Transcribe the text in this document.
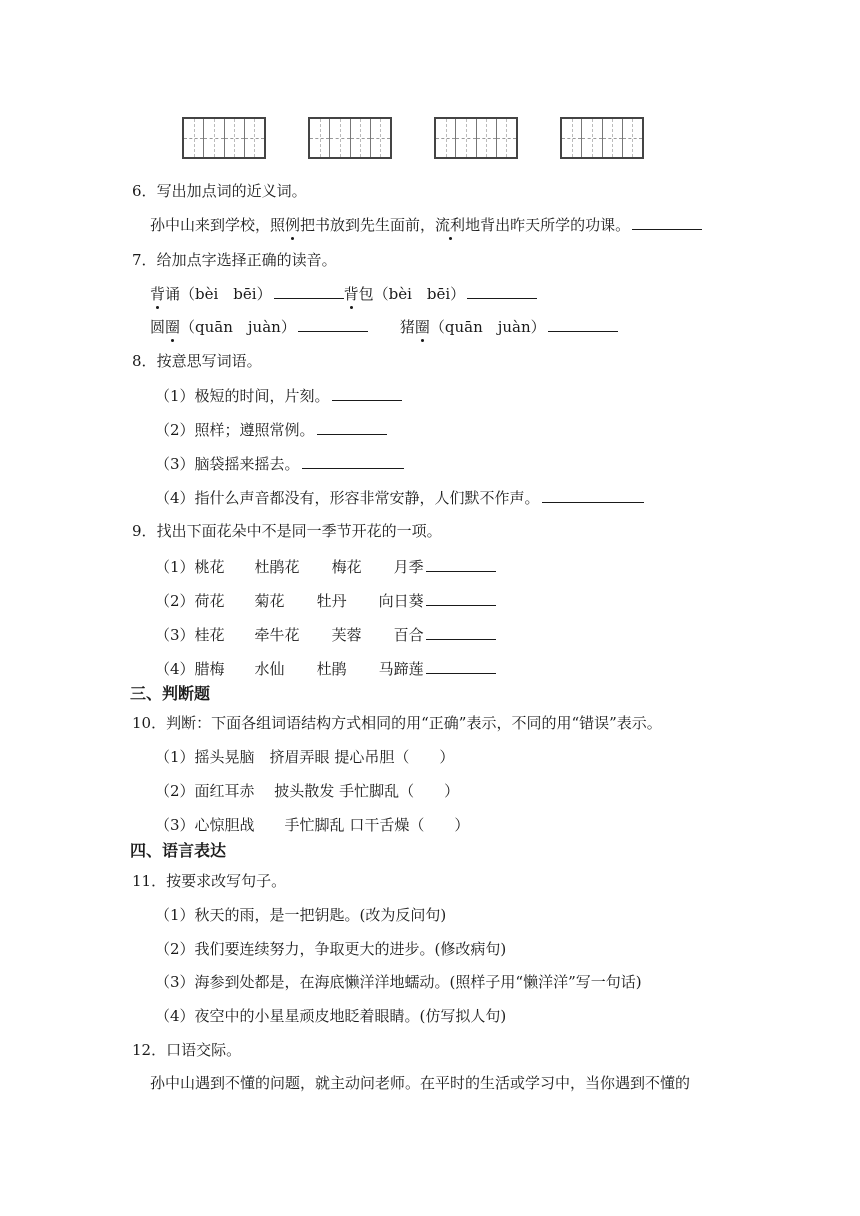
6．写出加点词的近义词。
孙中山来到学校，照例把书放到先生面前，流利地背出昨天所学的功课。
7．给加点字选择正确的读音。
背诵（bèi　bēi）	背包（bèi　bēi）
圆圈（quān　juàn）	猪圈（quān　juàn）
8．按意思写词语。
（1）极短的时间，片刻。
（2）照样；遵照常例。
（3）脑袋摇来摇去。
（4）指什么声音都没有，形容非常安静，人们默不作声。
9．找出下面花朵中不是同一季节开花的一项。
（1）桃花 杜鹃花 梅花 月季
（2）荷花 菊花 牡丹 向日葵
（3）桂花 牵牛花 芙蓉 百合
（4）腊梅 水仙 杜鹃 马蹄莲
三、判断题
10．判断：下面各组词语结构方式相同的用“正确”表示，不同的用“错误”表示。
（1）摇头晃脑　挤眉弄眼 提心吊胆（　　）
（2）面红耳赤　 披头散发 手忙脚乱（　　）
（3）心惊胆战　　手忙脚乱 口干舌燥（　　）
四、语言表达
11．按要求改写句子。
（1）秋天的雨，是一把钥匙。(改为反问句)
（2）我们要连续努力，争取更大的进步。(修改病句)
（3）海参到处都是，在海底懒洋洋地蠕动。(照样子用“懒洋洋”写一句话)
（4）夜空中的小星星顽皮地眨着眼睛。(仿写拟人句)
12．口语交际。
孙中山遇到不懂的问题，就主动问老师。在平时的生活或学习中，当你遇到不懂的
